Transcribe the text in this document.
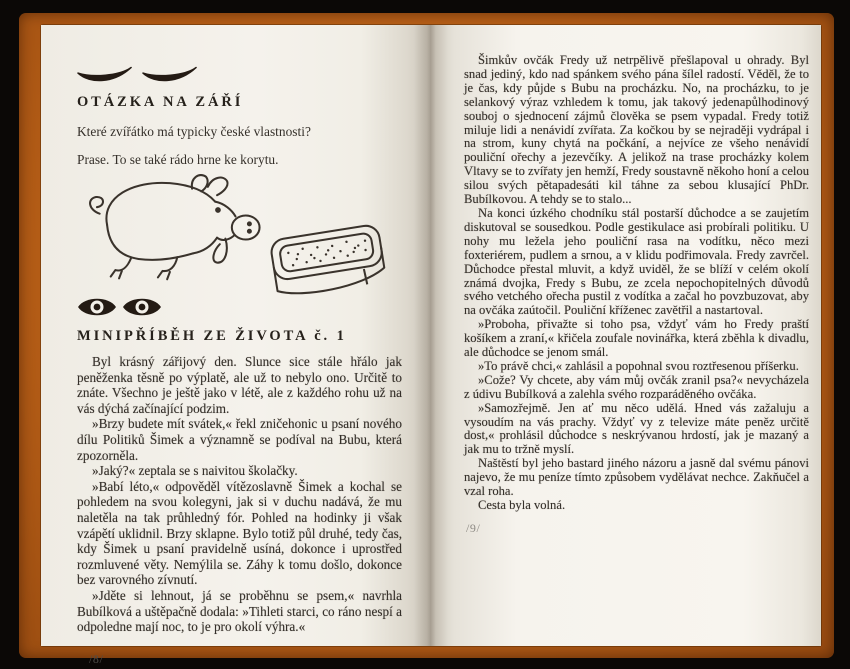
OTÁZKA NA ZÁŘÍ
Které zvířátko má typicky české vlastnosti?
Prase. To se také rádo hrne ke korytu.
MINIPŘÍBĚH ZE ŽIVOTA č. 1

Byl krásný zářijový den. Slunce sice stále hřálo jak peněženka těsně po výplatě, ale už to nebylo ono. Určitě to znáte. Všechno je ještě jako v létě, ale z každého rohu už na vás dýchá začínající podzim.

»Brzy budete mít svátek,« řekl zničehonic u psaní nového dílu Politiků Šimek a významně se podíval na Bubu, která zpozorněla.

»Jaký?« zeptala se s naivitou školačky.

»Babí léto,« odpověděl vítězoslavně Šimek a kochal se pohledem na svou kolegyni, jak si v duchu nadává, že mu naletěla na tak průhledný fór. Pohled na hodinky ji však vzápětí uklidnil. Brzy sklapne. Bylo totiž půl druhé, tedy čas, kdy Šimek u psaní pravidelně usíná, dokonce i uprostřed rozmluvené věty. Nemýlila se. Záhy k tomu došlo, dokonce bez varovného zívnutí.

»Jděte si lehnout, já se proběhnu se psem,« navrhla Bubílková a uštěpačně dodala: »Tihleti starci, co ráno nespí a odpoledne mají noc, to je pro okolí výhra.«

/8/

Šimkův ovčák Fredy už netrpělivě přešlapoval u ohrady. Byl snad jediný, kdo nad spánkem svého pána šílel radostí. Věděl, že to je čas, kdy půjde s Bubu na procházku. No, na procházku, to je selankový výraz vzhledem k tomu, jak takový jedenapůlhodinový souboj o sjednocení zájmů člověka se psem vypadal. Fredy totiž miluje lidi a nenávidí zvířata. Za kočkou by se nejraději vydrápal i na strom, kuny chytá na počkání, a nejvíce ze všeho nenávidí pouliční ořechy a jezevčíky. A jelikož na trase procházky kolem Vltavy se to zvířaty jen hemží, Fredy soustavně někoho honí a celou silou svých pětapadesáti kil táhne za sebou klusající PhDr. Bubílkovou. A tehdy se to stalo...

Na konci úzkého chodníku stál postarší důchodce a se zaujetím diskutoval se sousedkou. Podle gestikulace asi probírali politiku. U nohy mu ležela jeho pouliční rasa na vodítku, něco mezi foxteriérem, pudlem a srnou, a v klidu podřimovala. Fredy zavrčel. Důchodce přestal mluvit, a když uviděl, že se blíží v celém okolí známá dvojka, Fredy s Bubu, ze zcela nepochopitelných důvodů svého vetchého ořecha pustil z vodítka a začal ho povzbuzovat, aby na ovčáka zaútočil. Pouliční kříženec zavětřil a nastartoval.

»Proboha, přivažte si toho psa, vždyť vám ho Fredy praští košíkem a zraní,« křičela zoufale novinářka, která zběhla k divadlu, ale důchodce se jenom smál.

»To právě chci,« zahlásil a popohnal svou roztřesenou příšerku.

»Cože? Vy chcete, aby vám můj ovčák zranil psa?« nevycházela z údivu Bubílková a zalehla svého rozparáděného ovčáka.

»Samozřejmě. Jen ať mu něco udělá. Hned vás zažaluju a vysoudím na vás prachy. Vždyť vy z televize máte peněz určitě dost,« prohlásil důchodce s neskrývanou hrdostí, jak je mazaný a jak mu to tržně myslí.

Naštěstí byl jeho bastard jiného názoru a jasně dal svému pánovi najevo, že mu peníze tímto způsobem vydělávat nechce. Zakňučel a vzal roha.

Cesta byla volná.

/9/
